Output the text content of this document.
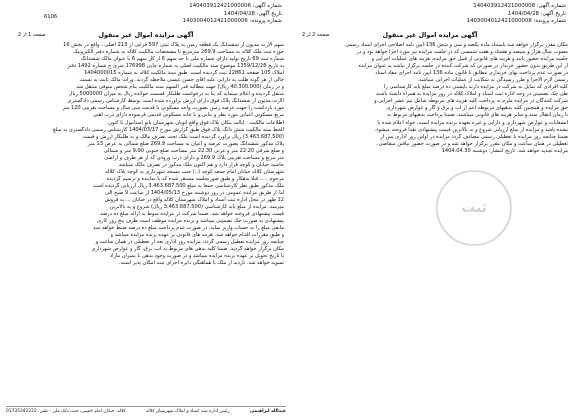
شماره آگهی: 140403912421000006
تاریخ آگهی: 1404/04/28
شماره پرونده: 1403004012421000006
6106
صفحه 1 از 2	آگهی مزایده اموال غیر منقول
سهم الارث مدیون از ششدانگ یک قطعه زمین به پلاک ثبتی 597 فرعی از 213 اصلی ، واقع در بخش 16
حوزه ثبت ملک کلاله به مساحت 269.9 مترمربع با مشخصات مالکیت کلاله به شماره دفتر الکترونیک
شماره ثبت 69 تاریخ تولید دارای شماره ملی تا حد سهم 6 از کل سهم 6 با عنوان مالک ششدانگ
به تاریخ 1359/12/26 موضوع سند مالکیت اصلی به شماره چاپی 176998 سری ج شماره 1492 دفتر
املاک 105 صفحه 22861 ثبت گردیده است. طبق سند مالکیت کلاله به شماره 1404000015
خالی از هر گونه طلب به دارایی علیه اقای حسن عیسی ملاحظه گردید. وراث مالک ثابت به نسبت
و در زمان (40.300.000 ریال) جهت مطالبه قدر السهم سند مالکیت بنام شخص متوفی منتقل شد
منتقل گردیده و اعلام مینماید که بنا به درخواست طلبکار قسمت خوانده ریال به میزان 5000000 ریال
الارث مدیون از ششدانگ پلاک فوق دارای ارزش برآورده شده است توسط کارشناس رسمی دادگستری
مورد بازداشت را جهت عرصه زمین بصورت واحد مسکونی تا قدمت سی سال و مساحت تقریبی 120 متر
مربع مسکونی اعیانی مورد نظر و بنایی و با خانه مسکونی قدیمی فرسوده دارای درب آهنی
اطلاعات مالکیت : ایالت مکان پلاک فوق واقع اتوبان شهرستان بانو استانبول تا کنون
الخط سند مالکیت شش دانگ پلاک فوق طبق گزارش مورخ 1404/03/17 کارشناس رسمی دادگستری به مبلغ
(3.463.687.500) ریال برآورد گردیده است ملک تحت تصرف مالک و به طلبکار ارزش و قیمت
پلاک مذکور ششدانگ بصورت عرصه و اعیان به مساحت 269.9 ضلع شمالی به عرض 13 متر
و ضلع شرقی 22.20 متر و غربی 22.30 متر مساحت ضلع جنوبی 9.90 متر و شمالی
متر مربع و مساحت تقریبی پلاک 269.9 و دارای درب ورودی که از هر طرف و اراضی
حاشیه خیابان و کوچه قرار دارد و هم اکنون ملک مذکور در تصرف مالک میباشد
شهرستان کلاله خیابان امام جمعه کوچه (..) جنب مسجد شهرداری به کوچه پلاک کلاله
مرحوم ..... قبلا بدهکار و طبق صورتجلسه مستقر شده که با نماینده و ترسیم گردیده
ملک مذکور طبق نظر کارشناسی جمعا به مبلغ 3.463.687.500 ریال ارزیابی گردیده است
لذا از طریق مزایده عمومی در روز دوشنبه مورخ 1404/05/13 از ساعت 9 صبح الی
12 ظهر در محل اداره ثبت اسناد و املاک شهرستان کلاله واقع در خیابان ... به فروش
میرسد. مزایده از مبلغ پایه کارشناسی (3.463.687.500 ریال) شروع و به بالاترین
قیمت پیشنهادی فروخته خواهد شد. ضمنا شرکت در مزایده منوط به ارائه مبلغ ده درصد
پیشنهادی به صورت چک تضمینی میباشد و برنده مزایده موظف است ظرف پنج روز کاری
مابقی مبلغ را به حساب واریز نماید. در صورت عدم پرداخت مبلغ ده درصد ضبط خواهد شد
و طبق مقررات اقدام خواهد شد. هزینه های قانونی بر عهده برنده مزایده میباشد و
چنانچه روز مزایده تعطیل رسمی گردد، مزایده روز اداری بعد از تعطیلی در همان ساعت و
مکان برگزار خواهد گردید. ضمنا کلیه بدهی های مربوط به آب، برق، گاز و عوارض شهرداری
تا تاریخ تحویل بر عهده برنده مزایده میباشد و در صورت وجود بدهی تا بمیزان مازاد
تسویه خواهد شد. بازدید از ملک با هماهنگی دایره اجرای ثبت امکان پذیر است.
عبدالله ابراهیمی
رئیس اداره ثبت اسناد و املاک شهرستان کلاله
کلاله، خیابان امام خمینی، جنب بانک ملی - تلفن: 01735342222
شماره آگهی: 140403912421000008
تاریخ آگهی: 1404/04/28
شماره پرونده: 1403004012421000008
صفحه 2 از 2	آگهی مزایده اموال غیر منقول
مکان مقرر برگزار خواهد شد باستناد ماده یکصد و سی و شش 136-آیین نامه اصلاحی اجرای اسناد رسمی
مصوب سال هزار و سیصد و هشتاد و هفت شمسی که در جلسه مزایده نیز مورد اجرا خواهد بود و در
جلسه مزایده حضور یابند و هزینه های قانونی از قبیل حق مزایده، هزینه های عملیات اجرایی و
از این طریق بدون حضور خریدار در صورتی که شرکت کننده در جلسه برگزار نباشد به عنوان مزایده
در صورت عدم پرداخت بهای خریداری مطابق با قانون ماده 136 آیین نامه اجرای مفاد اسناد
رسمی لازم الاجرا و طرز رسیدگی به شکایت از عملیات اجرایی میباشد.
کلیه افرادی که تمایل به شرکت در مزایده دارند بایستی ده درصد مبلغ پایه کارشناسی را
طی چک تضمینی در وجه اداره ثبت اسناد و املاک کلاله در روز مزایده به همراه داشته باشند
شرکت کنندگان در مزایده ملزم به پرداخت کلیه هزینه های مربوطه شامل نیم عشر اجرایی و
حق مزایده و همچنین کلیه بدهیهای مربوطه اعم از آب و برق و گاز و عوارض شهرداری
تا زمان انتقال سند و سایر هزینه های قانونی میباشند. ضمنا پرداخت بدهیهای مربوط به
انشعابات و عوارض شهرداری و دارایی و غیره بعهده برنده مزایده است، خواه اعلام شده یا
نشده باشد و مزایده از مبلغ ارزیابی شروع و به بالاترین قیمت پیشنهادی نقدا فروخته میشود.
ضمنا چنانچه روز مزایده با تعطیلی رسمی مصادف گردد مزایده در اولین روز اداری پس از
تعطیلی در همان ساعت و مکان مقرر برگزار خواهد شد و در صورت حضور نیافتن متقاضی،
مزایده تجدید خواهد شد. تاریخ انتشار: دوشنبه 1404.04.30
ثبت
